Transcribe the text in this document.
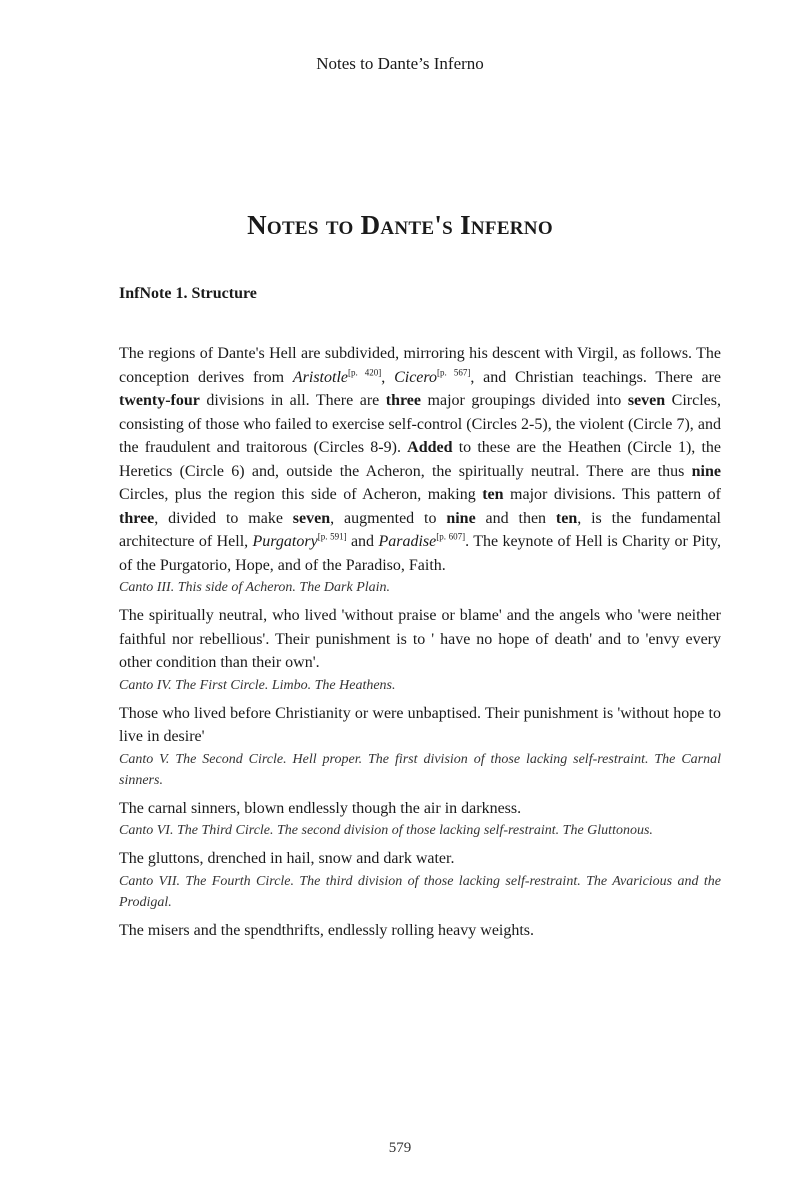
Notes to Dante’s Inferno
Notes to Dante's Inferno
InfNote 1. Structure

The regions of Dante's Hell are subdivided, mirroring his descent with Virgil, as follows. The conception derives from Aristotle[p. 420], Cicero[p. 567], and Christian teachings. There are twenty-four divisions in all. There are three major groupings divided into seven Circles, consisting of those who failed to exercise self-control (Circles 2-5), the violent (Circle 7), and the fraudulent and traitorous (Circles 8-9). Added to these are the Heathen (Circle 1), the Heretics (Circle 6) and, outside the Acheron, the spiritually neutral. There are thus nine Circles, plus the region this side of Acheron, making ten major divisions. This pattern of three, divided to make seven, augmented to nine and then ten, is the fundamental architecture of Hell, Purgatory[p. 591] and Paradise[p. 607]. The keynote of Hell is Charity or Pity, of the Purgatorio, Hope, and of the Paradiso, Faith.

Canto III. This side of Acheron. The Dark Plain.

The spiritually neutral, who lived 'without praise or blame' and the angels who 'were neither faithful nor rebellious'. Their punishment is to ' have no hope of death' and to 'envy every other condition than their own'.

Canto IV. The First Circle. Limbo. The Heathens.

Those who lived before Christianity or were unbaptised. Their punishment is 'without hope to live in desire'

Canto V. The Second Circle. Hell proper. The first division of those lacking self-restraint. The Carnal sinners.

The carnal sinners, blown endlessly though the air in darkness.

Canto VI. The Third Circle. The second division of those lacking self-restraint. The Gluttonous.

The gluttons, drenched in hail, snow and dark water.

Canto VII. The Fourth Circle. The third division of those lacking self-restraint. The Avaricious and the Prodigal.

The misers and the spendthrifts, endlessly rolling heavy weights.

579
